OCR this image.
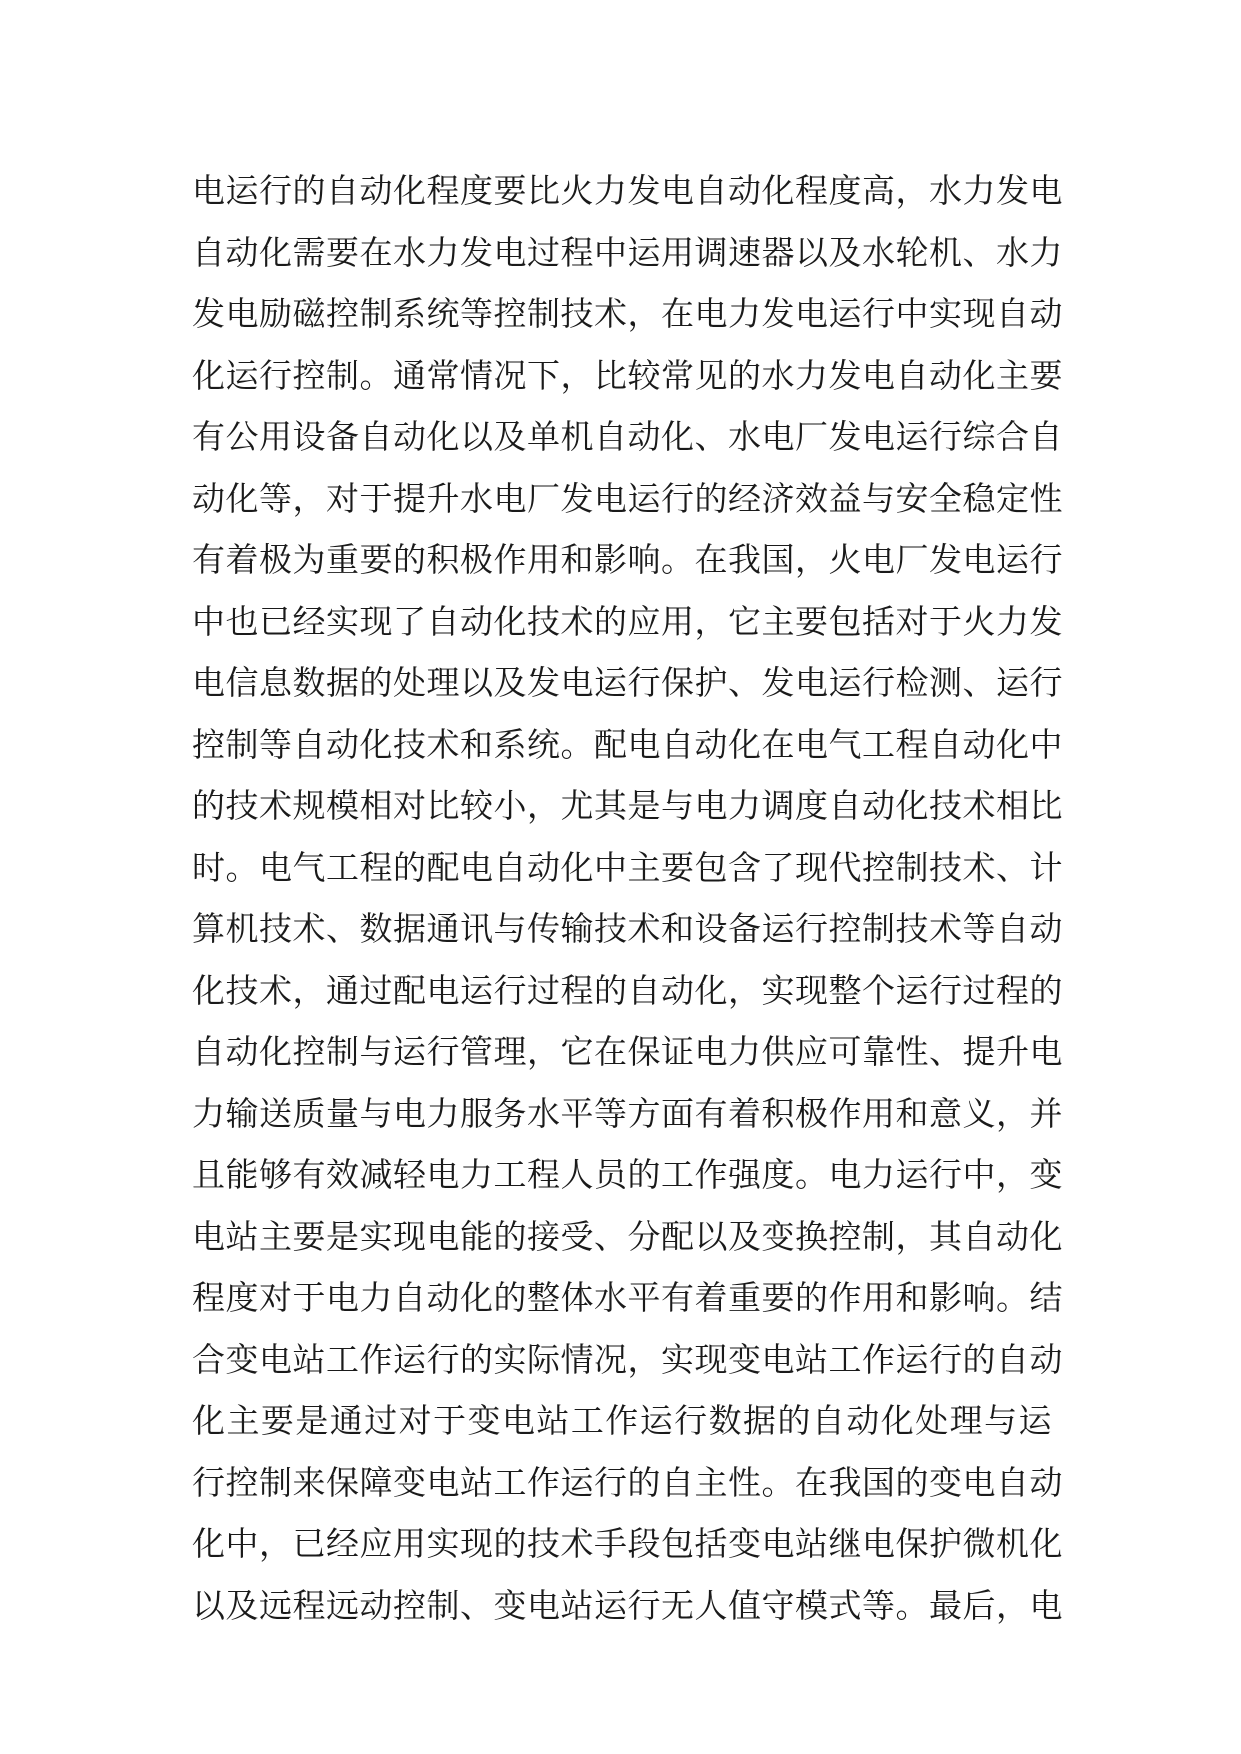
电运行的自动化程度要比火力发电自动化程度高，水力发电
自动化需要在水力发电过程中运用调速器以及水轮机、水力
发电励磁控制系统等控制技术，在电力发电运行中实现自动
化运行控制。通常情况下，比较常见的水力发电自动化主要
有公用设备自动化以及单机自动化、水电厂发电运行综合自
动化等，对于提升水电厂发电运行的经济效益与安全稳定性
有着极为重要的积极作用和影响。在我国，火电厂发电运行
中也已经实现了自动化技术的应用，它主要包括对于火力发
电信息数据的处理以及发电运行保护、发电运行检测、运行
控制等自动化技术和系统。配电自动化在电气工程自动化中
的技术规模相对比较小，尤其是与电力调度自动化技术相比
时。电气工程的配电自动化中主要包含了现代控制技术、计
算机技术、数据通讯与传输技术和设备运行控制技术等自动
化技术，通过配电运行过程的自动化，实现整个运行过程的
自动化控制与运行管理，它在保证电力供应可靠性、提升电
力输送质量与电力服务水平等方面有着积极作用和意义，并
且能够有效减轻电力工程人员的工作强度。电力运行中，变
电站主要是实现电能的接受、分配以及变换控制，其自动化
程度对于电力自动化的整体水平有着重要的作用和影响。结
合变电站工作运行的实际情况，实现变电站工作运行的自动
化主要是通过对于变电站工作运行数据的自动化处理与运
行控制来保障变电站工作运行的自主性。在我国的变电自动
化中，已经应用实现的技术手段包括变电站继电保护微机化
以及远程远动控制、变电站运行无人值守模式等。最后，电
